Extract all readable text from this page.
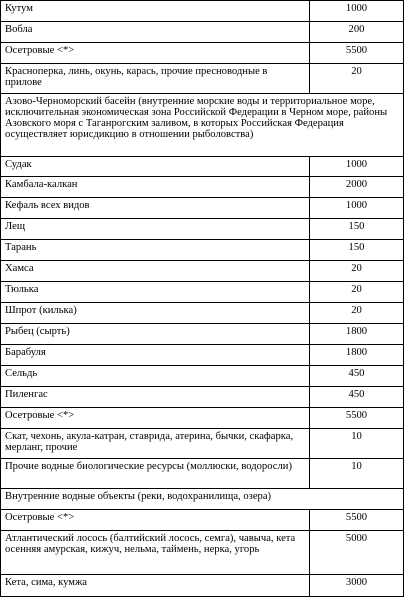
Кутум	1000
Вобла	200
Осетровые <*>	5500
Красноперка, линь, окунь, карась, прочие пресноводные в прилове	20
Азово-Черноморский басейн (внутренние морские воды и территориальное море, исключительная экономическая зона Российской Федерации в Черном море, районы Азовского моря с Таганрогским заливом, в которых Российская Федерация осуществляет юрисдикцию в отношении рыболовства)	
Судак	1000
Камбала-калкан	2000
Кефаль всех видов	1000
Лещ	150
Тарань	150
Хамса	20
Тюлька	20
Шпрот (килька)	20
Рыбец (сырть)	1800
Барабуля	1800
Сельдь	450
Пиленгас	450
Осетровые <*>	5500
Скат, чехонь, акула-катран, ставрида, атерина, бычки, скафарка, мерланг, прочие	10
Прочие водные биологические ресурсы (моллюски, водоросли)	10
Внутренние водные объекты (реки, водохранилища, озера)	
Осетровые <*>	5500
Атлантический лосось (балтийский лосось, семга), чавыча, кета осенняя амурская, кижуч, нельма, таймень, нерка, угорь	5000
Кета, сима, кумжа	3000
